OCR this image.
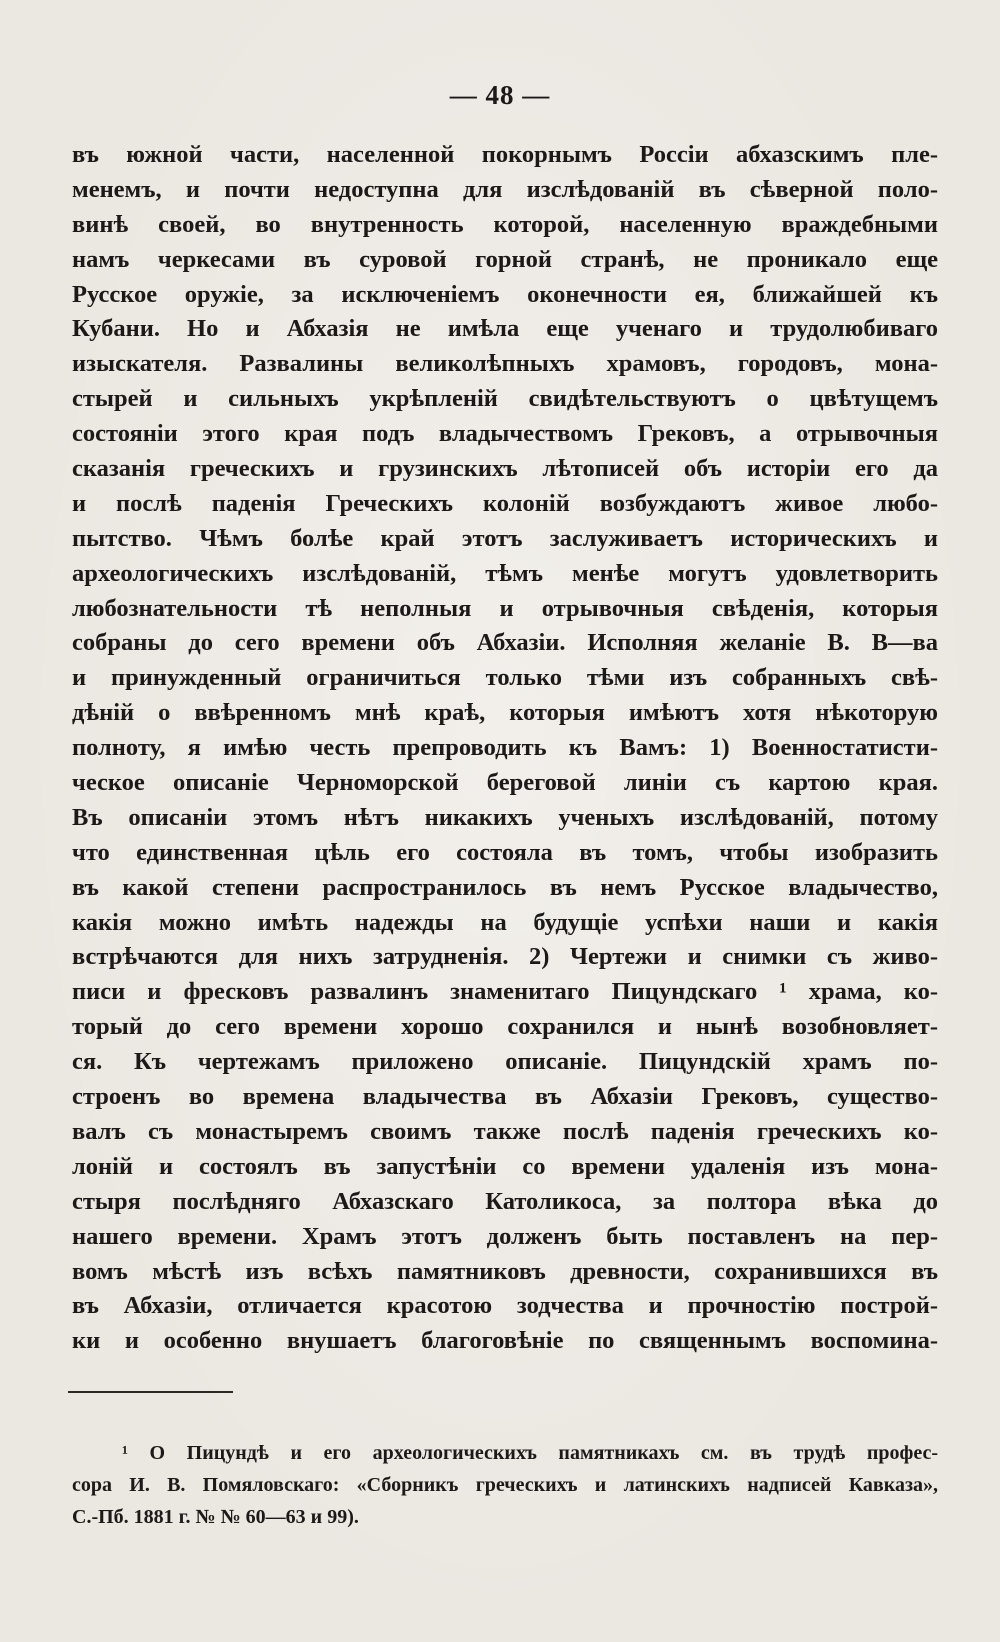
— 48 —
въ южной части, населенной покорнымъ Россіи абхазскимъ пле-
менемъ, и почти недоступна для изслѣдованій въ сѣверной поло-
винѣ своей, во внутренность которой, населенную враждебными
намъ черкесами въ суровой горной странѣ, не проникало еще
Русское оружіе, за исключеніемъ оконечности ея, ближайшей къ
Кубани. Но и Абхазія не имѣла еще ученаго и трудолюбиваго
изыскателя. Развалины великолѣпныхъ храмовъ, городовъ, мона-
стырей и сильныхъ укрѣпленій свидѣтельствуютъ о цвѣтущемъ
состояніи этого края подъ владычествомъ Грековъ, а отрывочныя
сказанія греческихъ и грузинскихъ лѣтописей объ исторіи его да
и послѣ паденія Греческихъ колоній возбуждаютъ живое любо-
пытство. Чѣмъ болѣе край этотъ заслуживаетъ историческихъ и
археологическихъ изслѣдованій, тѣмъ менѣе могутъ удовлетворить
любознательности тѣ неполныя и отрывочныя свѣденія, которыя
собраны до сего времени объ Абхазіи. Исполняя желаніе В. В—ва
и принужденный ограничиться только тѣми изъ собранныхъ свѣ-
дѣній о ввѣренномъ мнѣ краѣ, которыя имѣютъ хотя нѣкоторую
полноту, я имѣю честь препроводить къ Вамъ: 1) Военностатисти-
ческое описаніе Черноморской береговой линіи съ картою края.
Въ описаніи этомъ нѣтъ никакихъ ученыхъ изслѣдованій, потому
что единственная цѣль его состояла въ томъ, чтобы изобразить
въ какой степени распространилось въ немъ Русское владычество,
какія можно имѣть надежды на будущіе успѣхи наши и какія
встрѣчаются для нихъ затрудненія. 2) Чертежи и снимки съ живо-
писи и фресковъ развалинъ знаменитаго Пицундскаго ¹ храма, ко-
торый до сего времени хорошо сохранился и нынѣ возобновляет-
ся. Къ чертежамъ приложено описаніе. Пицундскій храмъ по-
строенъ во времена владычества въ Абхазіи Грековъ, существо-
валъ съ монастыремъ своимъ также послѣ паденія греческихъ ко-
лоній и состоялъ въ запустѣніи со времени удаленія изъ мона-
стыря послѣдняго Абхазскаго Католикоса, за полтора вѣка до
нашего времени. Храмъ этотъ долженъ быть поставленъ на пер-
вомъ мѣстѣ изъ всѣхъ памятниковъ древности, сохранившихся въ
въ Абхазіи, отличается красотою зодчества и прочностію построй-
ки и особенно внушаетъ благоговѣніе по священнымъ воспомина-
¹ О Пицундѣ и его археологическихъ памятникахъ см. въ трудѣ профес-
сора И. В. Помяловскаго: «Сборникъ греческихъ и латинскихъ надписей Кавказа»,
С.-Пб. 1881 г. № № 60—63 и 99).
